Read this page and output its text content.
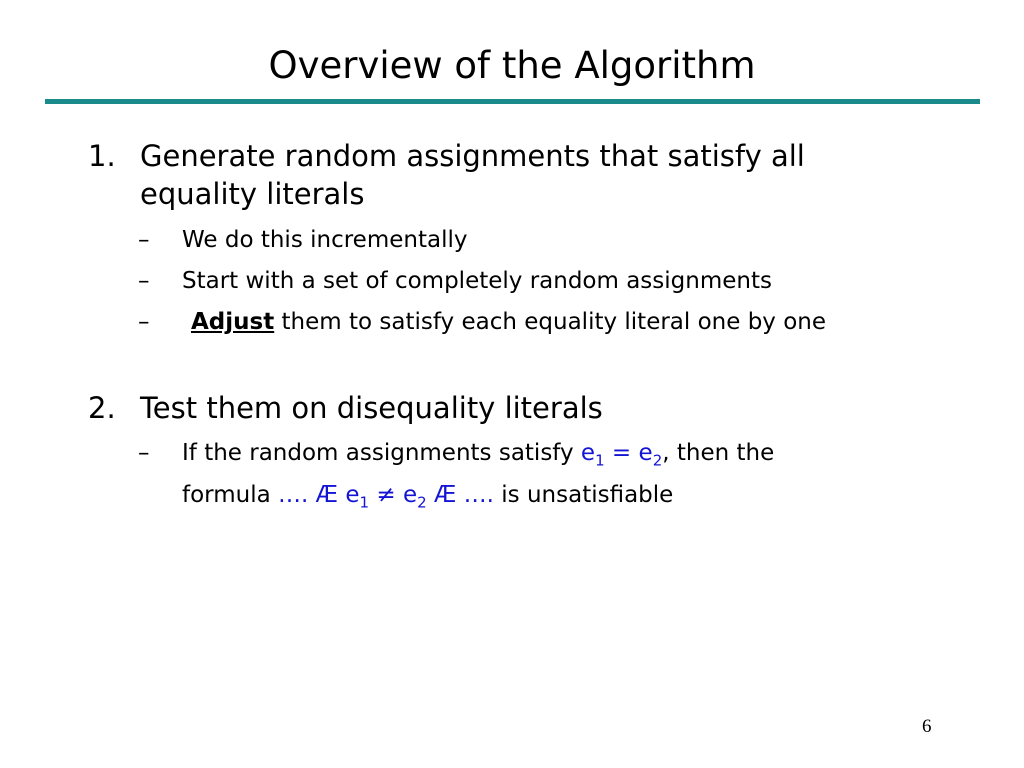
Overview of the Algorithm
1. Generate random assignments that satisfy all
equality literals
– We do this incrementally
– Start with a set of completely random assignments
– Adjust them to satisfy each equality literal one by one
2. Test them on disequality literals
– If the random assignments satisfy $e_1 = e_2$, then the
formula …. Æ $e_1 \ne e_2$ Æ …. is unsatisfiable
6
